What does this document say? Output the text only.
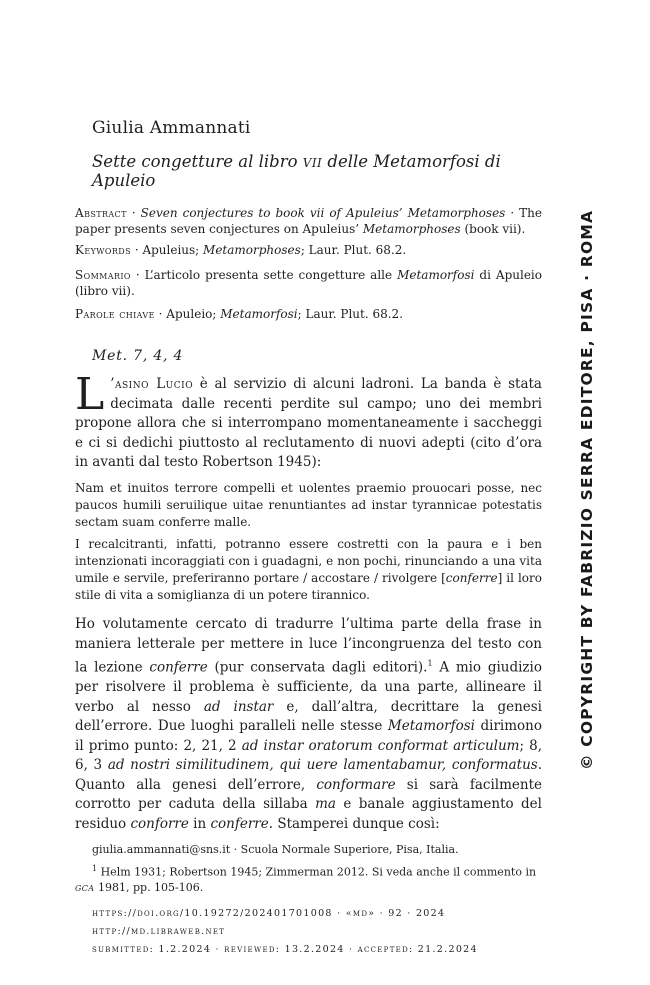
Giulia Ammannati
Sette congetture al libro vii delle Metamorfosi di Apuleio
Abstract · Seven conjectures to book vii of Apuleius’ Metamorphoses · The paper presents seven conjectures on Apuleius’ Metamorphoses (book vii).
Keywords · Apuleius; Metamorphoses; Laur. Plut. 68.2.
Sommario · L’articolo presenta sette congetture alle Metamorfosi di Apuleio (libro vii).
Parole chiave · Apuleio; Metamorfosi; Laur. Plut. 68.2.
Met. 7, 4, 4
L ’asino Lucio è al servizio di alcuni ladroni. La banda è stata decimata dalle recenti perdite sul campo; uno dei membri propone allora che si interrompano momentaneamente i saccheggi e ci si dedichi piuttosto al reclutamento di nuovi adepti (cito d’ora in avanti dal testo Robertson 1945):
Nam et inuitos terrore compelli et uolentes praemio prouocari posse, nec paucos humili seruilique uitae renuntiantes ad instar tyrannicae potestatis sectam suam conferre malle.
I recalcitranti, infatti, potranno essere costretti con la paura e i ben intenzionati incoraggiati con i guadagni, e non pochi, rinunciando a una vita umile e servile, preferiranno portare / accostare / rivolgere [conferre] il loro stile di vita a somiglianza di un potere tirannico.
Ho volutamente cercato di tradurre l’ultima parte della frase in maniera letterale per mettere in luce l’incongruenza del testo con la lezione conferre (pur conservata dagli editori).$^1$ A mio giudizio per risolvere il problema è sufficiente, da una parte, allineare il verbo al nesso ad instar e, dall’altra, decrittare la genesi dell’errore. Due luoghi paralleli nelle stesse Metamorfosi dirimono il primo punto: 2, 21, 2 ad instar oratorum conformat articulum; 8, 6, 3 ad nostri similitudinem, qui uere lamentabamur, conformatus. Quanto alla genesi dell’errore, conformare si sarà facilmente corrotto per caduta della sillaba ma e banale aggiustamento del residuo conforre in conferre. Stamperei dunque così:
giulia.ammannati@sns.it · Scuola Normale Superiore, Pisa, Italia.
$^1$ Helm 1931; Robertson 1945; Zimmerman 2012. Si veda anche il commento in gca 1981, pp. 105-106.
https://doi.org/10.19272/202401701008 · «md» · 92 · 2024
http://md.libraweb.net
submitted: 1.2.2024 · reviewed: 13.2.2024 · accepted: 21.2.2024
© COPYRIGHT BY FABRIZIO SERRA EDITORE, PISA · ROMA
